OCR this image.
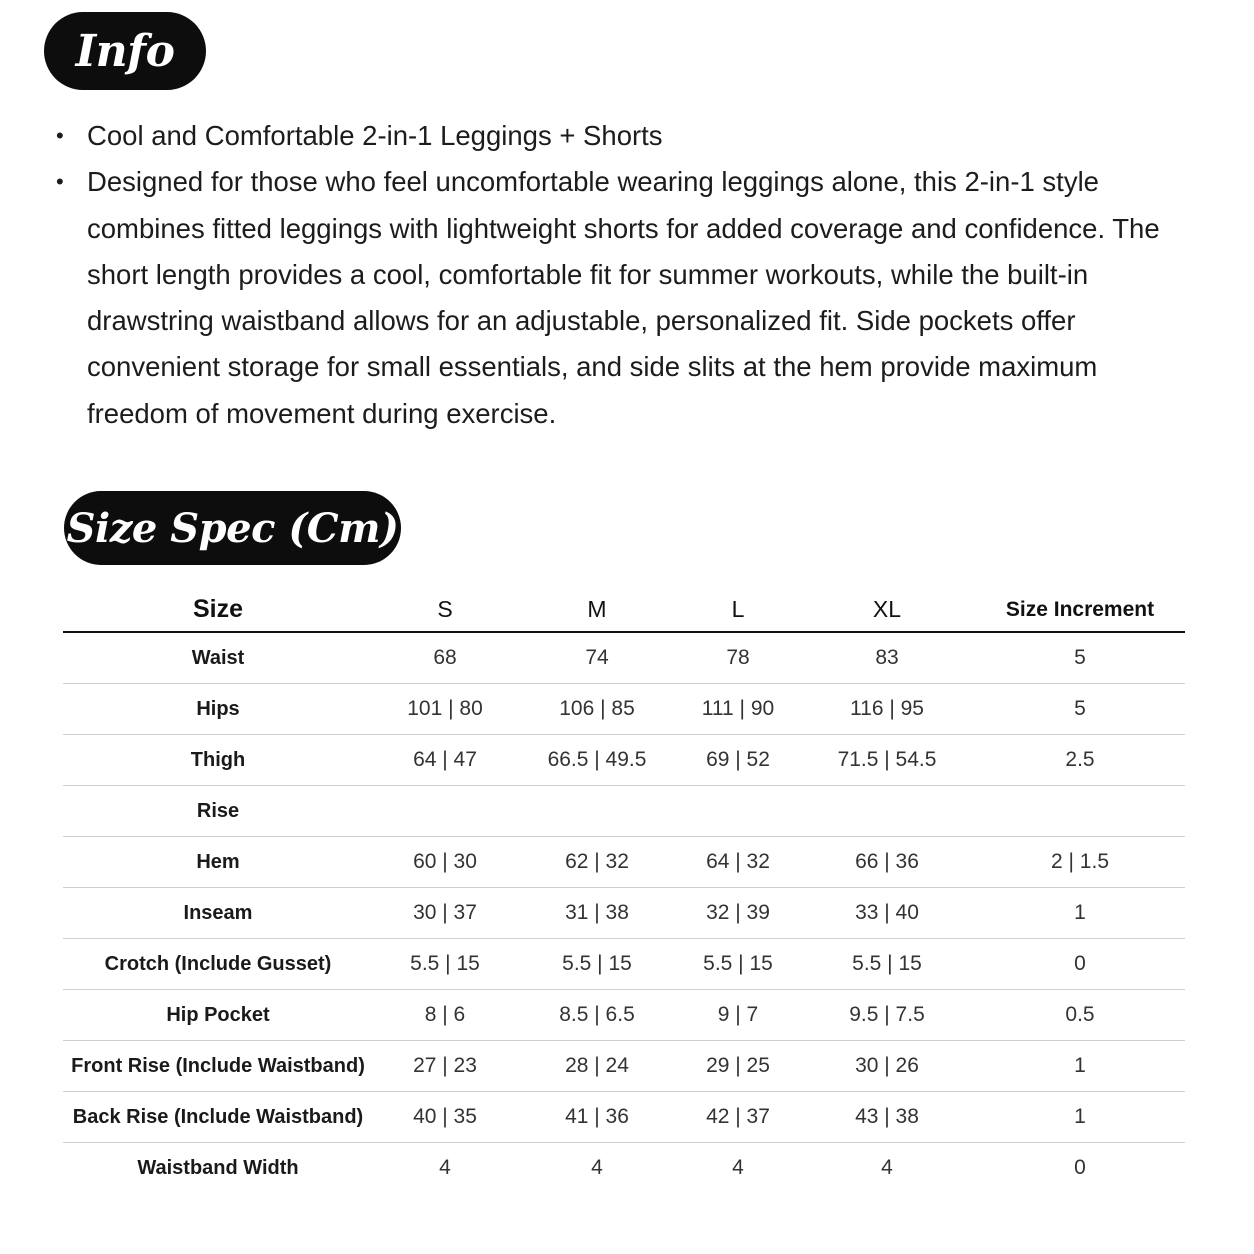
Info
• Cool and Comfortable 2-in-1 Leggings + Shorts
• Designed for those who feel uncomfortable wearing leggings alone, this 2-in-1 style combines fitted leggings with lightweight shorts for added coverage and confidence. The short length provides a cool, comfortable fit for summer workouts, while the built-in drawstring waistband allows for an adjustable, personalized fit. Side pockets offer convenient storage for small essentials, and side slits at the hem provide maximum freedom of movement during exercise.
Size Spec (Cm)
Size	S	M	L	XL	Size Increment
Waist	68	74	78	83	5
Hips	101 | 80	106 | 85	111 | 90	116 | 95	5
Thigh	64 | 47	66.5 | 49.5	69 | 52	71.5 | 54.5	2.5
Rise					
Hem	60 | 30	62 | 32	64 | 32	66 | 36	2 | 1.5
Inseam	30 | 37	31 | 38	32 | 39	33 | 40	1
Crotch (Include Gusset)	5.5 | 15	5.5 | 15	5.5 | 15	5.5 | 15	0
Hip Pocket	8 | 6	8.5 | 6.5	9 | 7	9.5 | 7.5	0.5
Front Rise (Include Waistband)	27 | 23	28 | 24	29 | 25	30 | 26	1
Back Rise (Include Waistband)	40 | 35	41 | 36	42 | 37	43 | 38	1
Waistband Width	4	4	4	4	0
